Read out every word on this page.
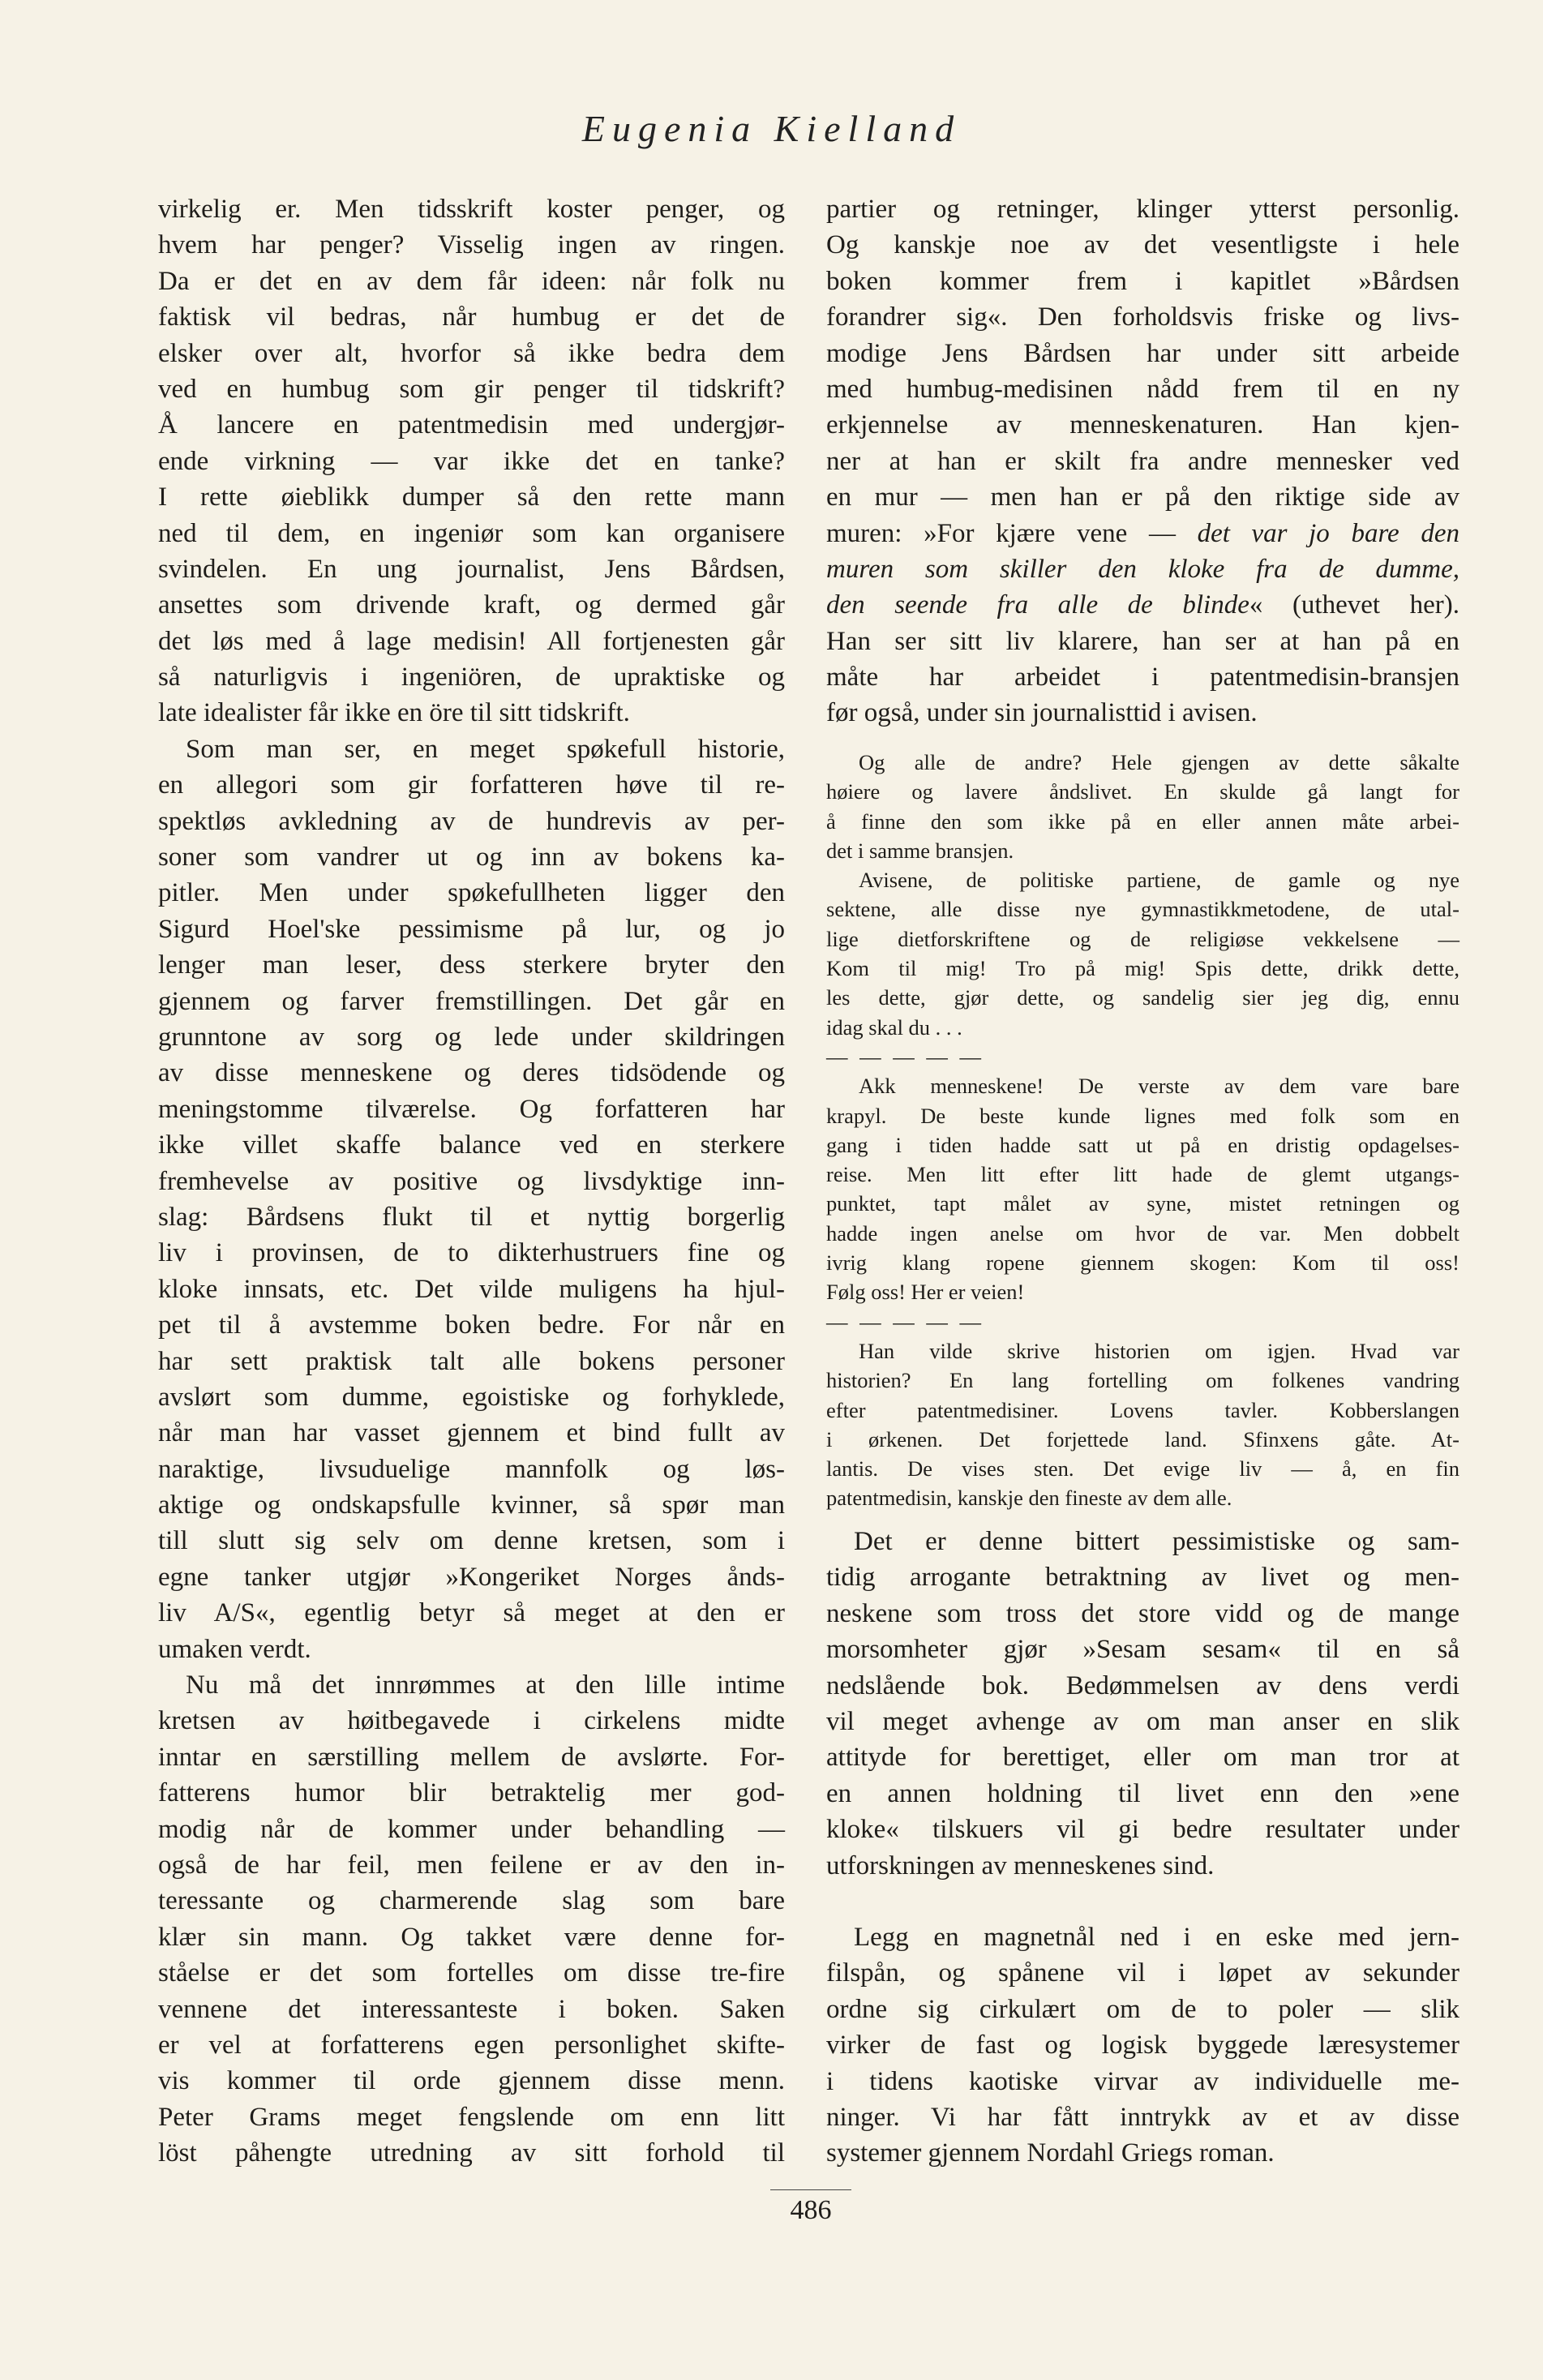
Eugenia Kielland
virkelig er. Men tidsskrift koster penger, og
hvem har penger? Visselig ingen av ringen.
Da er det en av dem får ideen: når folk nu
faktisk vil bedras, når humbug er det de
elsker over alt, hvorfor så ikke bedra dem
ved en humbug som gir penger til tidskrift?
Å lancere en patentmedisin med undergjør-
ende virkning — var ikke det en tanke?
I rette øieblikk dumper så den rette mann
ned til dem, en ingeniør som kan organisere
svindelen. En ung journalist, Jens Bårdsen,
ansettes som drivende kraft, og dermed går
det løs med å lage medisin! All fortjenesten går
så naturligvis i ingeniören, de upraktiske og
late idealister får ikke en öre til sitt tidskrift.
Som man ser, en meget spøkefull historie,
en allegori som gir forfatteren høve til re-
spektløs avkledning av de hundrevis av per-
soner som vandrer ut og inn av bokens ka-
pitler. Men under spøkefullheten ligger den
Sigurd Hoel'ske pessimisme på lur, og jo
lenger man leser, dess sterkere bryter den
gjennem og farver fremstillingen. Det går en
grunntone av sorg og lede under skildringen
av disse menneskene og deres tidsödende og
meningstomme tilværelse. Og forfatteren har
ikke villet skaffe balance ved en sterkere
fremhevelse av positive og livsdyktige inn-
slag: Bårdsens flukt til et nyttig borgerlig
liv i provinsen, de to dikterhustruers fine og
kloke innsats, etc. Det vilde muligens ha hjul-
pet til å avstemme boken bedre. For når en
har sett praktisk talt alle bokens personer
avslørt som dumme, egoistiske og forhyklede,
når man har vasset gjennem et bind fullt av
naraktige, livsuduelige mannfolk og løs-
aktige og ondskapsfulle kvinner, så spør man
till slutt sig selv om denne kretsen, som i
egne tanker utgjør »Kongeriket Norges ånds-
liv A/S«, egentlig betyr så meget at den er
umaken verdt.
Nu må det innrømmes at den lille intime
kretsen av høitbegavede i cirkelens midte
inntar en særstilling mellem de avslørte. For-
fatterens humor blir betraktelig mer god-
modig når de kommer under behandling —
også de har feil, men feilene er av den in-
teressante og charmerende slag som bare
klær sin mann. Og takket være denne for-
ståelse er det som fortelles om disse tre-fire
vennene det interessanteste i boken. Saken
er vel at forfatterens egen personlighet skifte-
vis kommer til orde gjennem disse menn.
Peter Grams meget fengslende om enn litt
löst påhengte utredning av sitt forhold til
partier og retninger, klinger ytterst personlig.
Og kanskje noe av det vesentligste i hele
boken kommer frem i kapitlet »Bårdsen
forandrer sig«. Den forholdsvis friske og livs-
modige Jens Bårdsen har under sitt arbeide
med humbug-medisinen nådd frem til en ny
erkjennelse av menneskenaturen. Han kjen-
ner at han er skilt fra andre mennesker ved
en mur — men han er på den riktige side av
muren: »For kjære vene — det var jo bare den
muren som skiller den kloke fra de dumme,
den seende fra alle de blinde« (uthevet her).
Han ser sitt liv klarere, han ser at han på en
måte har arbeidet i patentmedisin-bransjen
før også, under sin journalisttid i avisen.
Og alle de andre? Hele gjengen av dette såkalte
høiere og lavere åndslivet. En skulde gå langt for
å finne den som ikke på en eller annen måte arbei-
det i samme bransjen.
Avisene, de politiske partiene, de gamle og nye
sektene, alle disse nye gymnastikkmetodene, de utal-
lige dietforskriftene og de religiøse vekkelsene —
Kom til mig! Tro på mig! Spis dette, drikk dette,
les dette, gjør dette, og sandelig sier jeg dig, ennu
idag skal du . . .
— — — — —
Akk menneskene! De verste av dem vare bare
krapyl. De beste kunde lignes med folk som en
gang i tiden hadde satt ut på en dristig opdagelses-
reise. Men litt efter litt hade de glemt utgangs-
punktet, tapt målet av syne, mistet retningen og
hadde ingen anelse om hvor de var. Men dobbelt
ivrig klang ropene giennem skogen: Kom til oss!
Følg oss! Her er veien!
— — — — —
Han vilde skrive historien om igjen. Hvad var
historien? En lang fortelling om folkenes vandring
efter patentmedisiner. Lovens tavler. Kobberslangen
i ørkenen. Det forjettede land. Sfinxens gåte. At-
lantis. De vises sten. Det evige liv — å, en fin
patentmedisin, kanskje den fineste av dem alle.
Det er denne bittert pessimistiske og sam-
tidig arrogante betraktning av livet og men-
neskene som tross det store vidd og de mange
morsomheter gjør »Sesam sesam« til en så
nedslående bok. Bedømmelsen av dens verdi
vil meget avhenge av om man anser en slik
attityde for berettiget, eller om man tror at
en annen holdning til livet enn den »ene
kloke« tilskuers vil gi bedre resultater under
utforskningen av menneskenes sind.
Legg en magnetnål ned i en eske med jern-
filspån, og spånene vil i løpet av sekunder
ordne sig cirkulært om de to poler — slik
virker de fast og logisk byggede læresystemer
i tidens kaotiske virvar av individuelle me-
ninger. Vi har fått inntrykk av et av disse
systemer gjennem Nordahl Griegs roman.
486
